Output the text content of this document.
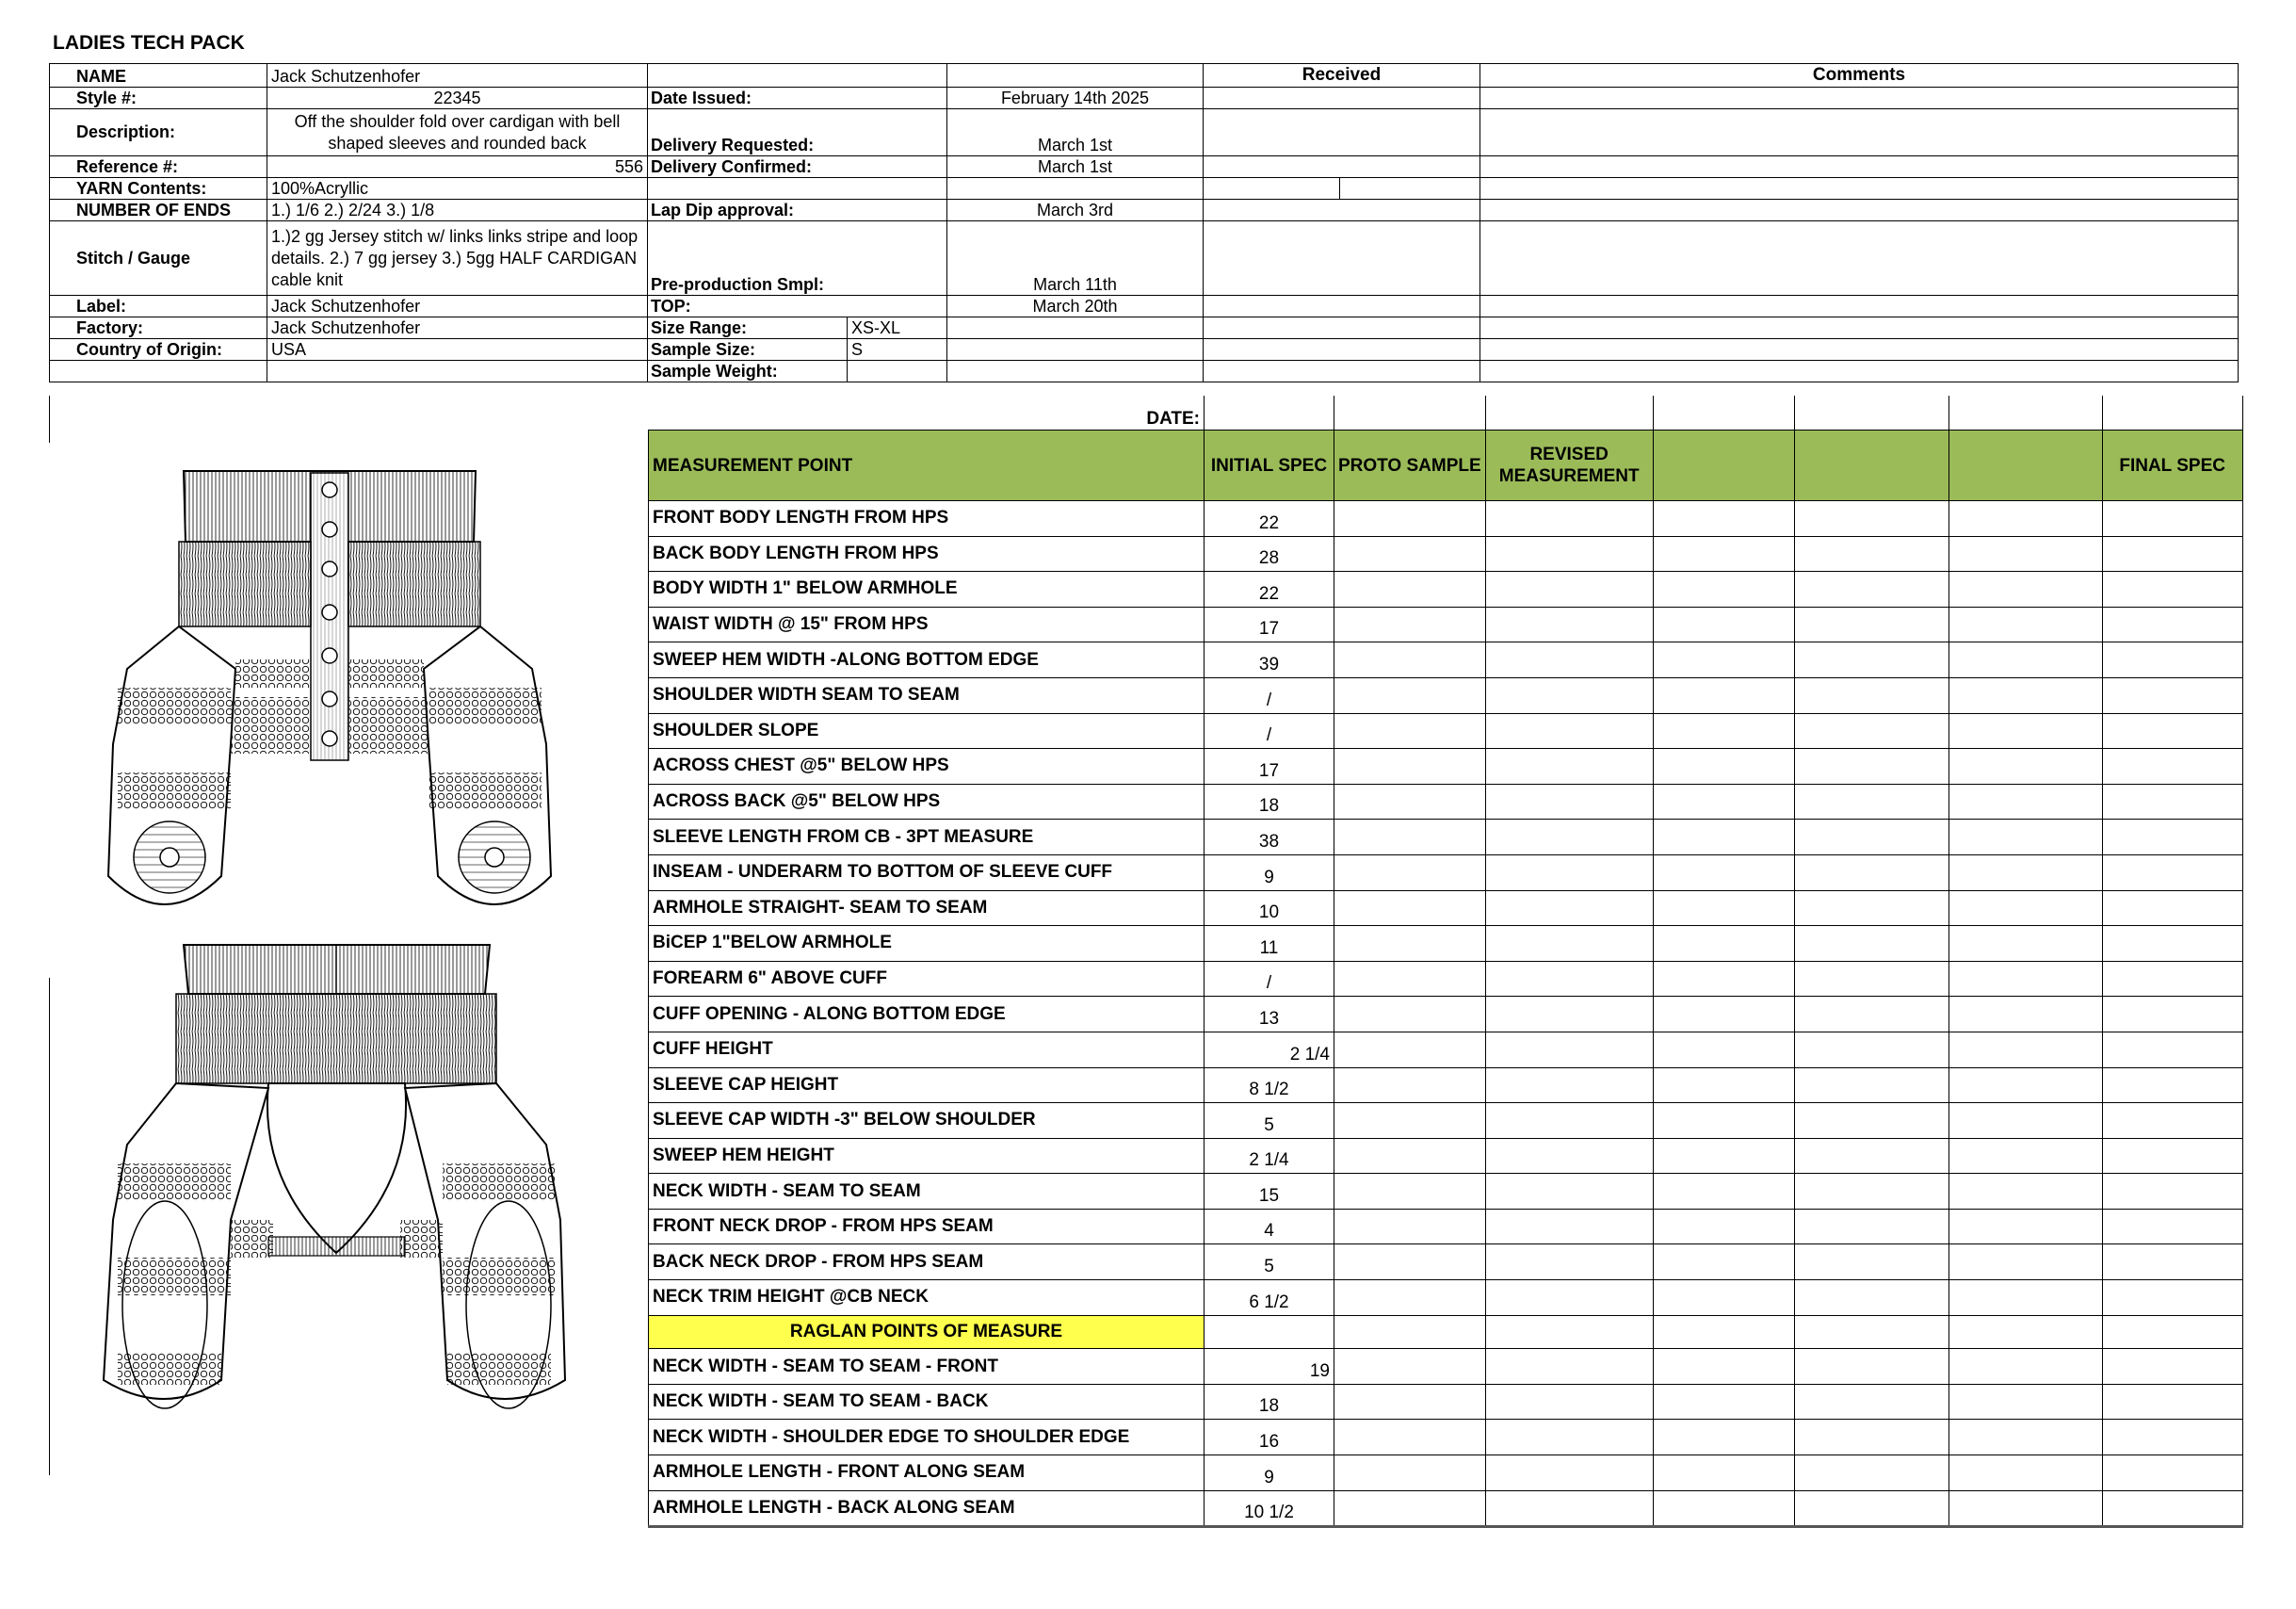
LADIES TECH PACK
NAME	Jack Schutzenhofer				Received		Comments
Style #:	22345	Date Issued:		February 14th 2025			
Description:	Off the shoulder fold over cardigan with bell shaped sleeves and rounded back	Delivery Requested:		March 1st			
Reference #:	556	Delivery Confirmed:		March 1st			
YARN Contents:	100%Acryllic						
NUMBER OF ENDS	1.) 1/6 2.) 2/24 3.) 1/8	Lap Dip approval:		March 3rd			
Stitch / Gauge	1.)2 gg Jersey stitch w/ links links stripe and loop details. 2.) 7 gg jersey 3.) 5gg HALF CARDIGAN cable knit	Pre-production Smpl:		March 11th			
Label:	Jack Schutzenhofer	TOP:		March 20th			
Factory:	Jack Schutzenhofer	Size Range:	XS-XL				
Country of Origin:	USA	Sample Size:	S				
		Sample Weight:					
DATE:							
MEASUREMENT POINT	INITIAL SPEC	PROTO SAMPLE	REVISED MEASUREMENT				FINAL SPEC
FRONT BODY LENGTH FROM HPS	22						
BACK BODY LENGTH FROM HPS	28						
BODY WIDTH 1" BELOW ARMHOLE	22						
WAIST WIDTH @ 15" FROM HPS	17						
SWEEP HEM WIDTH -ALONG BOTTOM EDGE	39						
SHOULDER WIDTH SEAM TO SEAM	/						
SHOULDER SLOPE	/						
ACROSS CHEST @5" BELOW HPS	17						
ACROSS BACK @5" BELOW HPS	18						
SLEEVE LENGTH FROM CB - 3PT MEASURE	38						
INSEAM - UNDERARM TO BOTTOM OF SLEEVE CUFF	9						
ARMHOLE STRAIGHT- SEAM TO SEAM	10						
BiCEP 1"BELOW ARMHOLE	11						
FOREARM 6" ABOVE CUFF	/						
CUFF OPENING - ALONG BOTTOM EDGE	13						
CUFF HEIGHT	2 1/4						
SLEEVE CAP HEIGHT	8 1/2						
SLEEVE CAP WIDTH -3" BELOW SHOULDER	5						
SWEEP HEM HEIGHT	2 1/4						
NECK WIDTH - SEAM TO SEAM	15						
FRONT NECK DROP - FROM HPS SEAM	4						
BACK NECK DROP - FROM HPS SEAM	5						
NECK TRIM HEIGHT @CB NECK	6 1/2						
RAGLAN POINTS OF MEASURE							
NECK WIDTH - SEAM TO SEAM - FRONT	19						
NECK WIDTH - SEAM TO SEAM - BACK	18						
NECK WIDTH - SHOULDER EDGE TO SHOULDER EDGE	16						
ARMHOLE LENGTH - FRONT ALONG SEAM	9						
ARMHOLE LENGTH - BACK ALONG SEAM	10 1/2						
